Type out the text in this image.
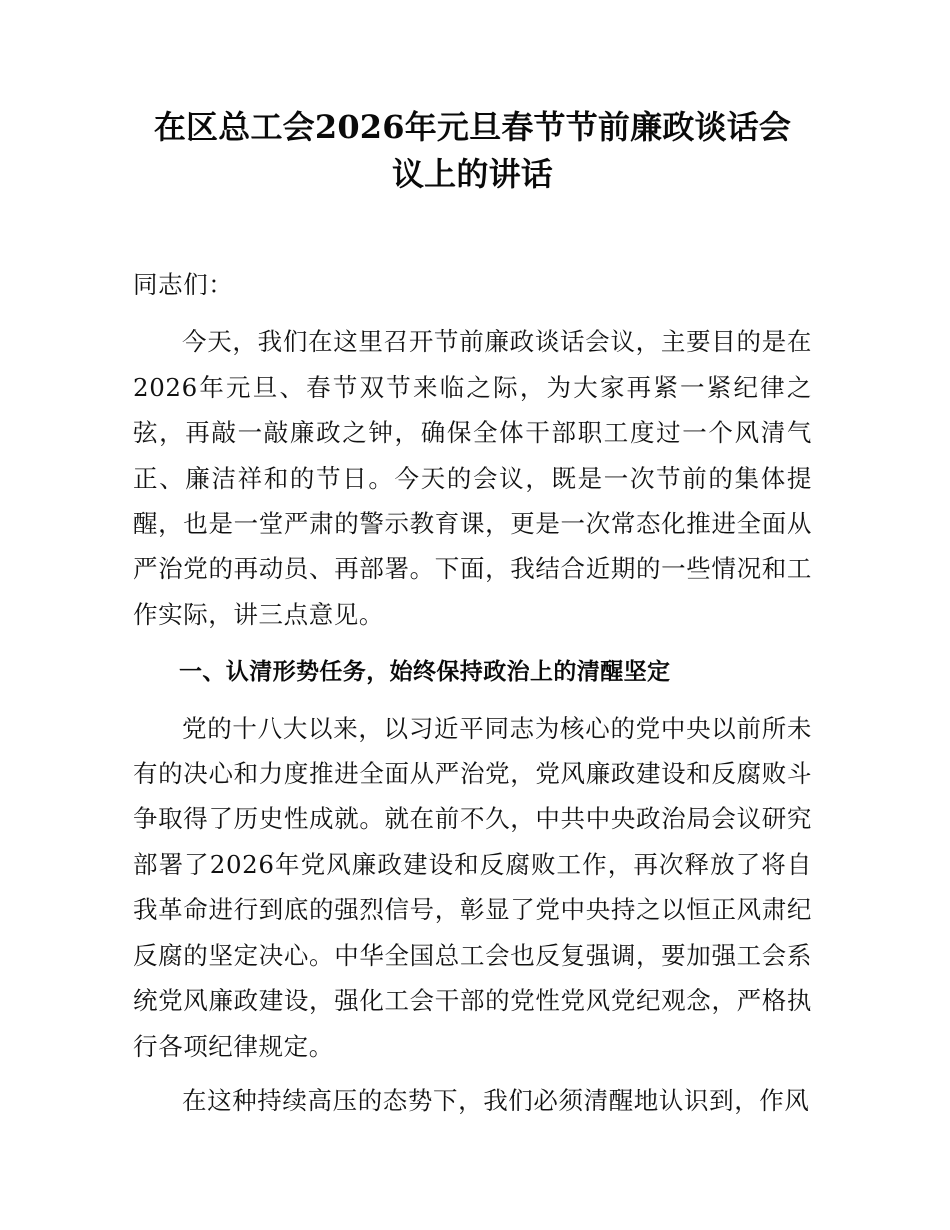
在区总工会2026年元旦春节节前廉政谈话会
议上的讲话

同志们：

今天，我们在这里召开节前廉政谈话会议，主要目的是在2026年元旦、春节双节来临之际，为大家再紧一紧纪律之弦，再敲一敲廉政之钟，确保全体干部职工度过一个风清气正、廉洁祥和的节日。今天的会议，既是一次节前的集体提醒，也是一堂严肃的警示教育课，更是一次常态化推进全面从严治党的再动员、再部署。下面，我结合近期的一些情况和工作实际，讲三点意见。

一、认清形势任务，始终保持政治上的清醒坚定

党的十八大以来，以习近平同志为核心的党中央以前所未有的决心和力度推进全面从严治党，党风廉政建设和反腐败斗争取得了历史性成就。就在前不久，中共中央政治局会议研究部署了2026年党风廉政建设和反腐败工作，再次释放了将自我革命进行到底的强烈信号，彰显了党中央持之以恒正风肃纪反腐的坚定决心。中华全国总工会也反复强调，要加强工会系统党风廉政建设，强化工会干部的党性党风党纪观念，严格执行各项纪律规定。

在这种持续高压的态势下，我们必须清醒地认识到，作风
